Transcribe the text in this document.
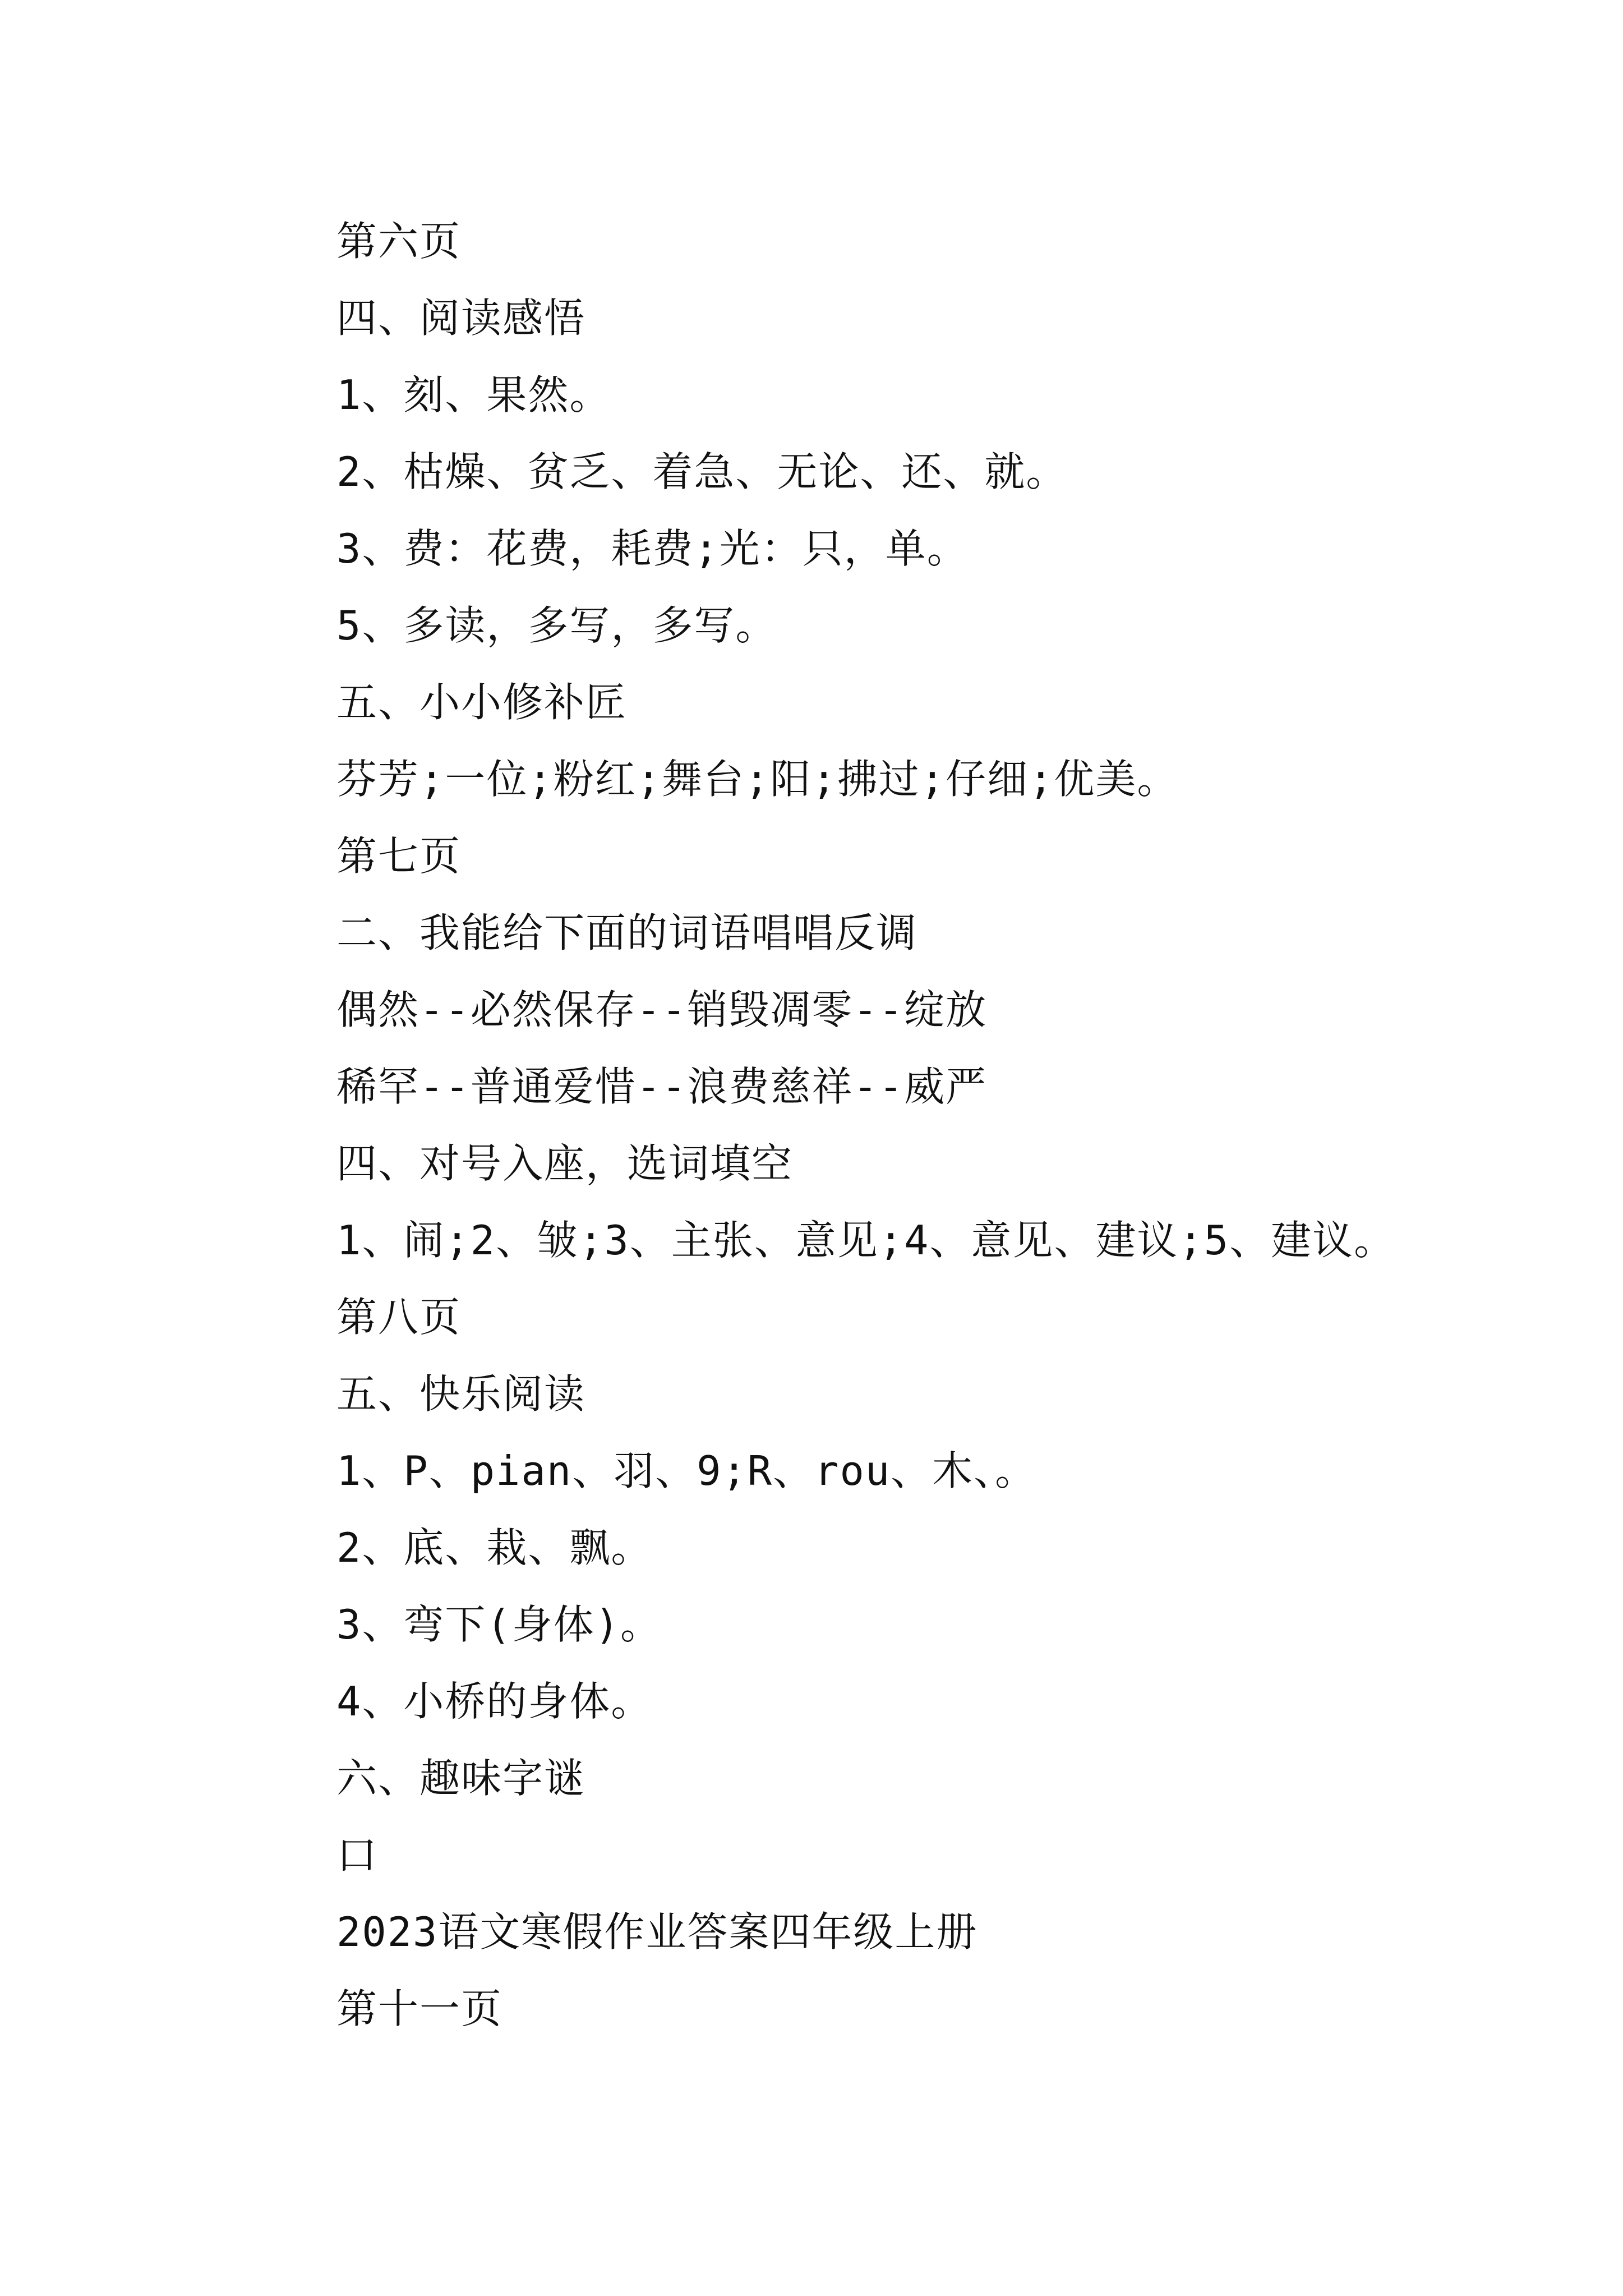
第六页
四、阅读感悟
1、刻、果然。
2、枯燥、贫乏、着急、无论、还、就。
3、费：花费，耗费;光：只，单。
5、多读，多写，多写。
五、小小修补匠
芬芳;一位;粉红;舞台;阳;拂过;仔细;优美。
第七页
二、我能给下面的词语唱唱反调
偶然--必然保存--销毁凋零--绽放
稀罕--普通爱惜--浪费慈祥--威严
四、对号入座，选词填空
1、闹;2、皱;3、主张、意见;4、意见、建议;5、建议。
第八页
五、快乐阅读
1、P、pian、羽、9;R、rou、木、。
2、底、栽、飘。
3、弯下(身体)。
4、小桥的身体。
六、趣味字谜
口
2023语文寒假作业答案四年级上册
第十一页
